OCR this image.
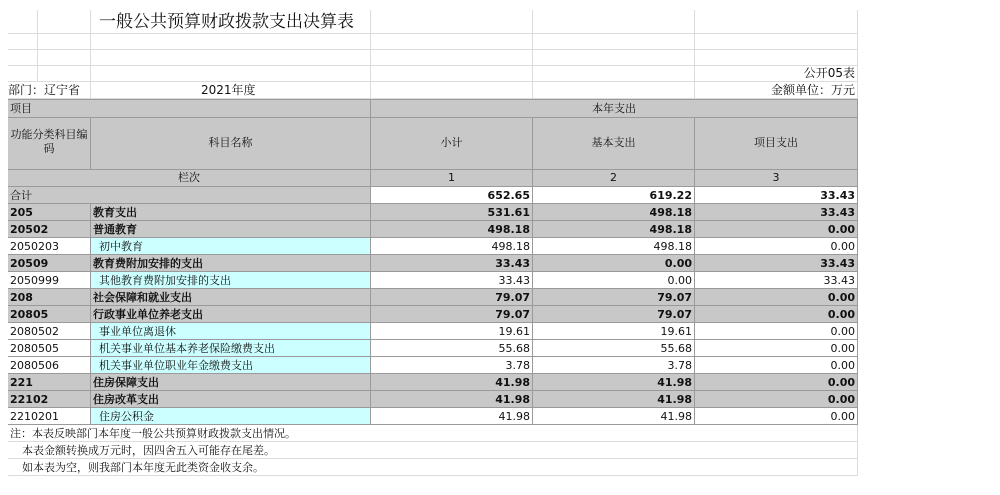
一般公共预算财政拨款支出决算表
公开05表
部门：辽宁省	2021年度	金额单位：万元
项目	本年支出
功能分类科目编码	科目名称	小计	基本支出	项目支出
栏次	1	2	3
合计	652.65	619.22	33.43
205	教育支出	531.61	498.18	33.43
20502	普通教育	498.18	498.18	0.00
2050203	初中教育	498.18	498.18	0.00
20509	教育费附加安排的支出	33.43	0.00	33.43
2050999	其他教育费附加安排的支出	33.43	0.00	33.43
208	社会保障和就业支出	79.07	79.07	0.00
20805	行政事业单位养老支出	79.07	79.07	0.00
2080502	事业单位离退休	19.61	19.61	0.00
2080505	机关事业单位基本养老保险缴费支出	55.68	55.68	0.00
2080506	机关事业单位职业年金缴费支出	3.78	3.78	0.00
221	住房保障支出	41.98	41.98	0.00
22102	住房改革支出	41.98	41.98	0.00
2210201	住房公积金	41.98	41.98	0.00
注：本表反映部门本年度一般公共预算财政拨款支出情况。
本表金额转换成万元时，因四舍五入可能存在尾差。
如本表为空，则我部门本年度无此类资金收支余。
